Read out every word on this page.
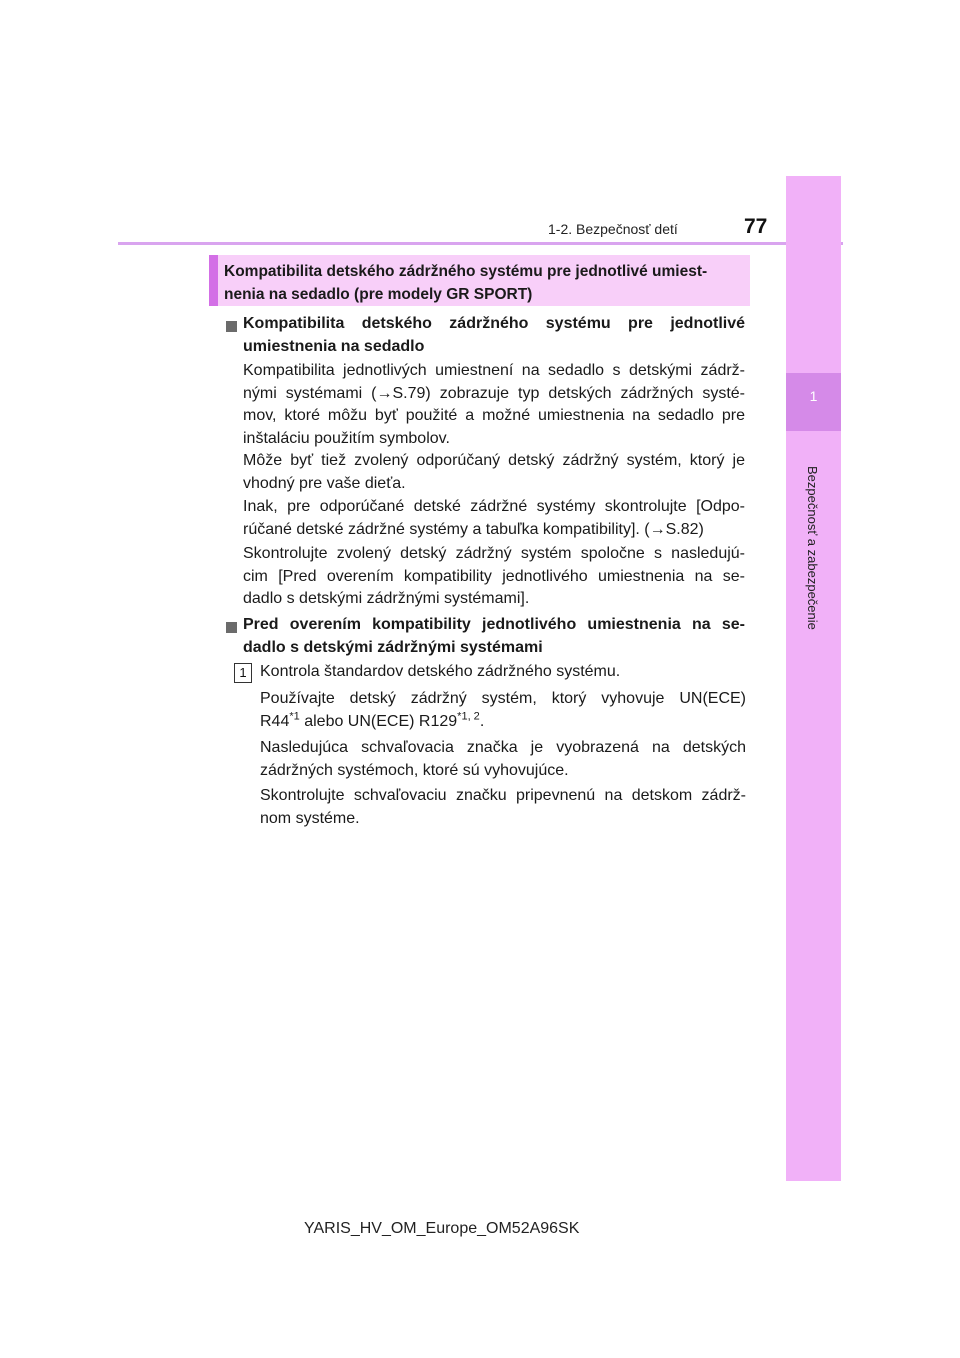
1-2. Bezpečnosť detí	77
1
Bezpečnosť a zabezpečenie
Kompatibilita detského zádržného systému pre jednotlivé umiest-
nenia na sedadlo (pre modely GR SPORT)
Kompatibilita detského zádržného systému pre jednotlivé
umiestnenia na sedadlo
Kompatibilita jednotlivých umiestnení na sedadlo s detskými zádrž-
nými systémami (→S.79) zobrazuje typ detských zádržných systé-
mov, ktoré môžu byť použité a možné umiestnenia na sedadlo pre
inštaláciu použitím symbolov.
Môže byť tiež zvolený odporúčaný detský zádržný systém, ktorý je
vhodný pre vaše dieťa.
Inak, pre odporúčané detské zádržné systémy skontrolujte [Odpo-
rúčané detské zádržné systémy a tabuľka kompatibility]. (→S.82)
Skontrolujte zvolený detský zádržný systém spoločne s nasledujú-
cim [Pred overením kompatibility jednotlivého umiestnenia na se-
dadlo s detskými zádržnými systémami].
Pred overením kompatibility jednotlivého umiestnenia na se-
dadlo s detskými zádržnými systémami
1 Kontrola štandardov detského zádržného systému.
Používajte detský zádržný systém, ktorý vyhovuje UN(ECE)
R44$^{*1}$ alebo UN(ECE) R129$^{*1, 2}$.
Nasledujúca schvaľovacia značka je vyobrazená na detských
zádržných systémoch, ktoré sú vyhovujúce.
Skontrolujte schvaľovaciu značku pripevnenú na detskom zádrž-
nom systéme.
YARIS_HV_OM_Europe_OM52A96SK
